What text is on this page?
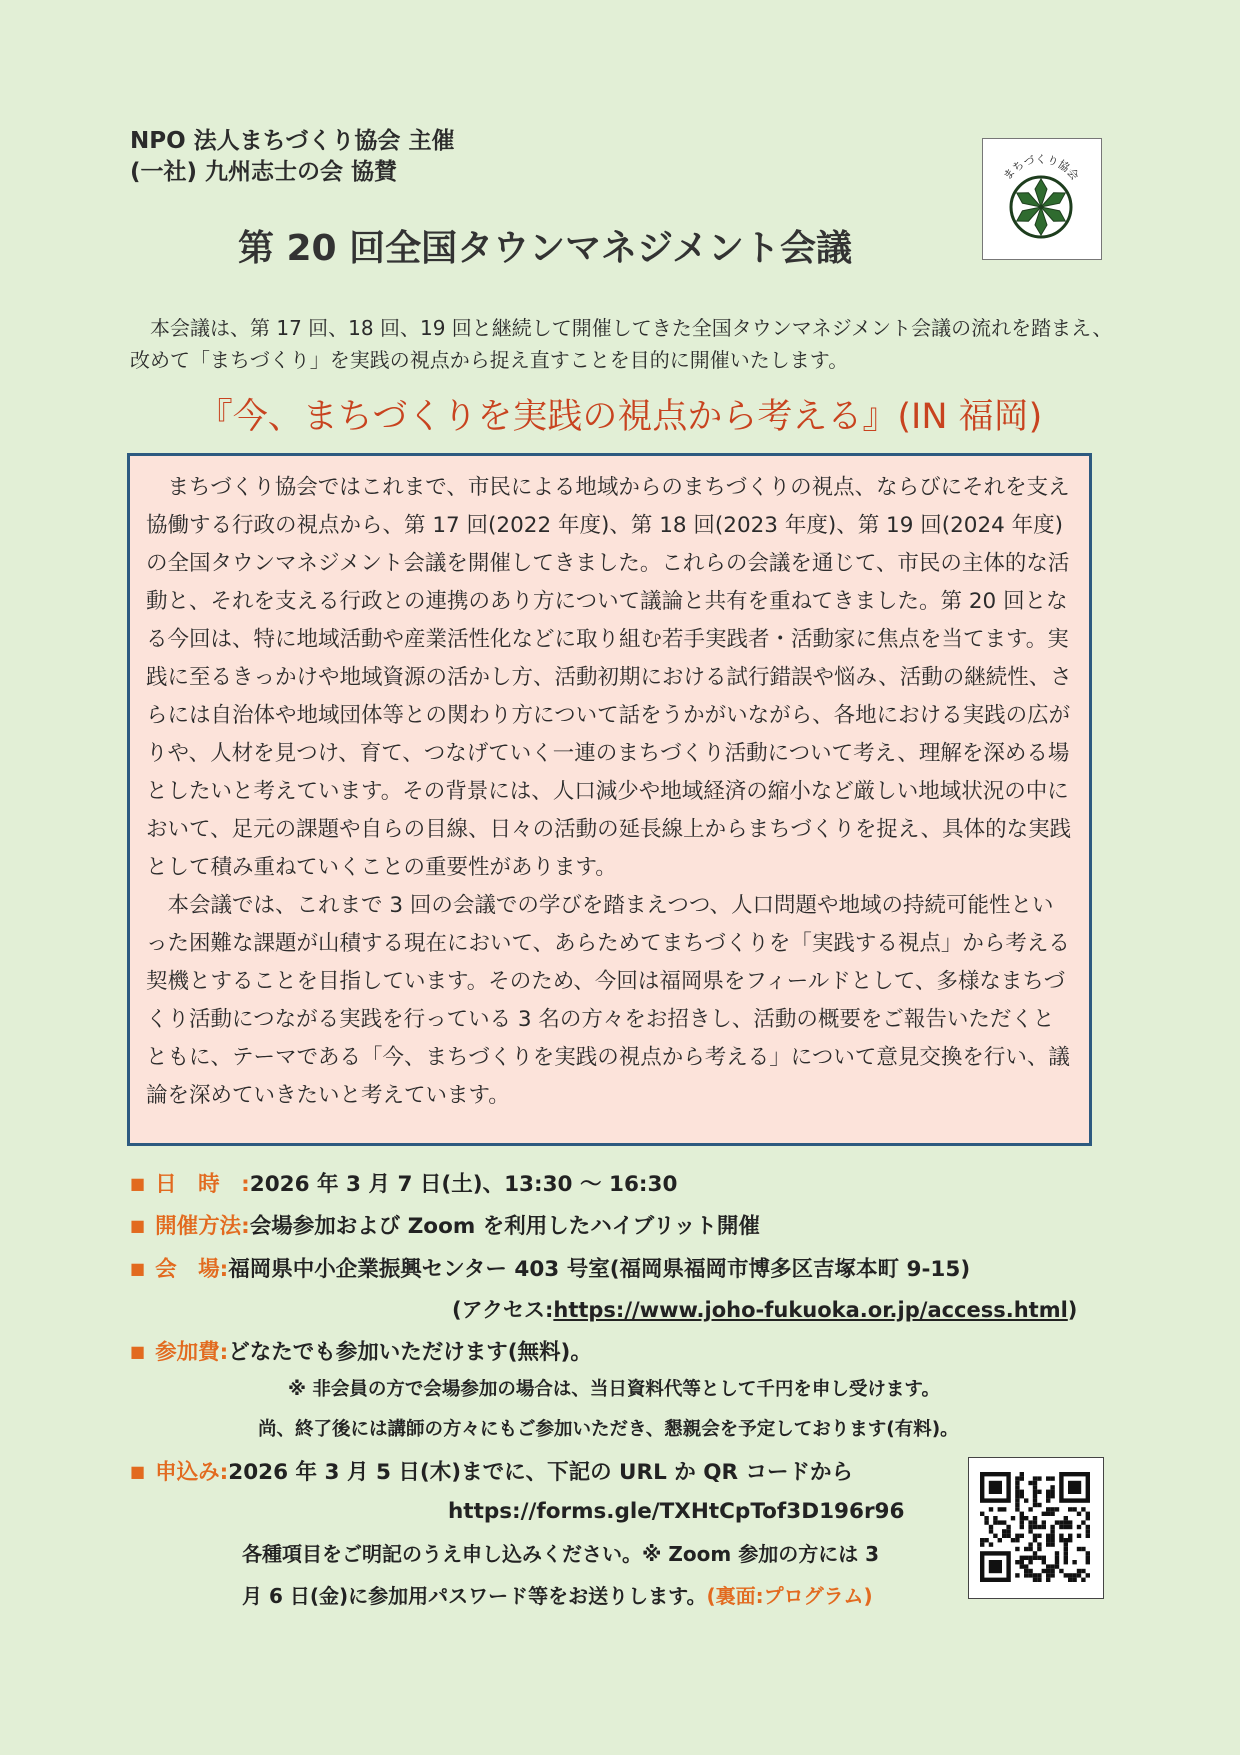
NPO 法人まちづくり協会 主催
(一社) 九州志士の会 協賛
第 20 回全国タウンマネジメント会議
まちづくり協会
本会議は、第 17 回、18 回、19 回と継続して開催してきた全国タウンマネジメント会議の流れを踏まえ、改めて「まちづくり」を実践の視点から捉え直すことを目的に開催いたします。
『今、まちづくりを実践の視点から考える』(IN 福岡)

まちづくり協会ではこれまで、市民による地域からのまちづくりの視点、ならびにそれを支え協働する行政の視点から、第 17 回(2022 年度)、第 18 回(2023 年度)、第 19 回(2024 年度)の全国タウンマネジメント会議を開催してきました。これらの会議を通じて、市民の主体的な活動と、それを支える行政との連携のあり方について議論と共有を重ねてきました。第 20 回となる今回は、特に地域活動や産業活性化などに取り組む若手実践者・活動家に焦点を当てます。実践に至るきっかけや地域資源の活かし方、活動初期における試行錯誤や悩み、活動の継続性、さらには自治体や地域団体等との関わり方について話をうかがいながら、各地における実践の広がりや、人材を見つけ、育て、つなげていく一連のまちづくり活動について考え、理解を深める場としたいと考えています。その背景には、人口減少や地域経済の縮小など厳しい地域状況の中において、足元の課題や自らの目線、日々の活動の延長線上からまちづくりを捉え、具体的な実践として積み重ねていくことの重要性があります。

本会議では、これまで 3 回の会議での学びを踏まえつつ、人口問題や地域の持続可能性といった困難な課題が山積する現在において、あらためてまちづくりを「実践する視点」から考える契機とすることを目指しています。そのため、今回は福岡県をフィールドとして、多様なまちづくり活動につながる実践を行っている 3 名の方々をお招きし、活動の概要をご報告いただくとともに、テーマである「今、まちづくりを実践の視点から考える」について意見交換を行い、議論を深めていきたいと考えています。

■ 日　時　:2026 年 3 月 7 日(土)、13:30 〜 16:30
■ 開催方法:会場参加および Zoom を利用したハイブリット開催
■ 会　場:福岡県中小企業振興センター 403 号室(福岡県福岡市博多区吉塚本町 9-15)
(アクセス:https://www.joho-fukuoka.or.jp/access.html)
■ 参加費:どなたでも参加いただけます(無料)。
※ 非会員の方で会場参加の場合は、当日資料代等として千円を申し受けます。
尚、終了後には講師の方々にもご参加いただき、懇親会を予定しております(有料)。
■ 申込み:2026 年 3 月 5 日(木)までに、下記の URL か QR コードから
https://forms.gle/TXHtCpTof3D196r96
各種項目をご明記のうえ申し込みください。※ Zoom 参加の方には 3
月 6 日(金)に参加用パスワード等をお送りします。(裏面:プログラム)
